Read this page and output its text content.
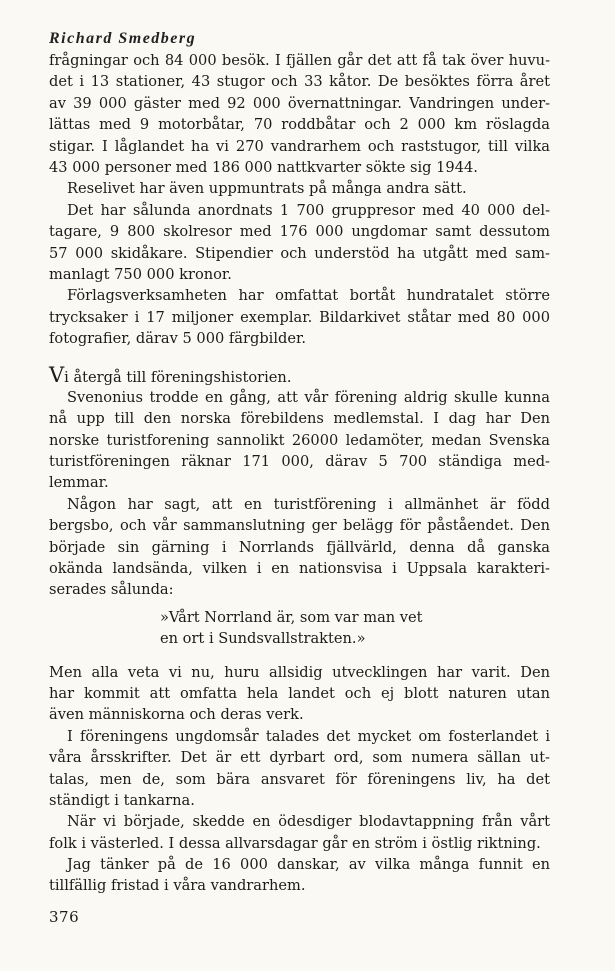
Richard Smedberg
frågningar och 84 000 besök. I fjällen går det att få tak över huvu-
det i 13 stationer, 43 stugor och 33 kåtor. De besöktes förra året
av 39 000 gäster med 92 000 övernattningar. Vandringen under-
lättas med 9 motorbåtar, 70 roddbåtar och 2 000 km röslagda
stigar. I låglandet ha vi 270 vandrarhem och raststugor, till vilka
43 000 personer med 186 000 nattkvarter sökte sig 1944.
Reselivet har även uppmuntrats på många andra sätt.
Det har sålunda anordnats 1 700 gruppresor med 40 000 del-
tagare, 9 800 skolresor med 176 000 ungdomar samt dessutom
57 000 skidåkare. Stipendier och understöd ha utgått med sam-
manlagt 750 000 kronor.
Förlagsverksamheten har omfattat bortåt hundratalet större
trycksaker i 17 miljoner exemplar. Bildarkivet ståtar med 80 000
fotografier, därav 5 000 färgbilder.
Vi återgå till föreningshistorien.
Svenonius trodde en gång, att vår förening aldrig skulle kunna
nå upp till den norska förebildens medlemstal. I dag har Den
norske turistforening sannolikt 26000 ledamöter, medan Svenska
turistföreningen räknar 171 000, därav 5 700 ständiga med-
lemmar.
Någon har sagt, att en turistförening i allmänhet är född
bergsbo, och vår sammanslutning ger belägg för påståendet. Den
började sin gärning i Norrlands fjällvärld, denna då ganska
okända landsända, vilken i en nationsvisa i Uppsala karakteri-
serades sålunda:
»Vårt Norrland är, som var man vet
en ort i Sundsvallstrakten.»
Men alla veta vi nu, huru allsidig utvecklingen har varit. Den
har kommit att omfatta hela landet och ej blott naturen utan
även människorna och deras verk.
I föreningens ungdomsår talades det mycket om fosterlandet i
våra årsskrifter. Det är ett dyrbart ord, som numera sällan ut-
talas, men de, som bära ansvaret för föreningens liv, ha det
ständigt i tankarna.
När vi började, skedde en ödesdiger blodavtappning från vårt
folk i västerled. I dessa allvarsdagar går en ström i östlig riktning.
Jag tänker på de 16 000 danskar, av vilka många funnit en
tillfällig fristad i våra vandrarhem.
376
